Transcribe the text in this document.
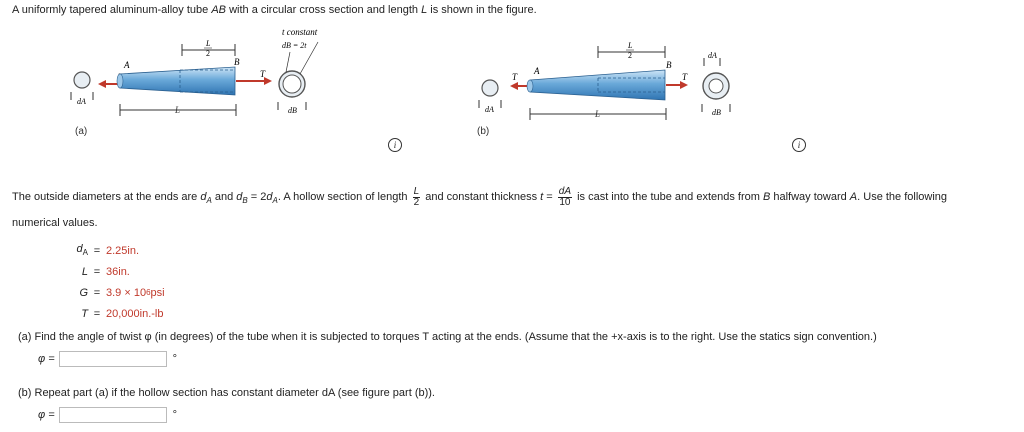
A uniformly tapered aluminum-alloy tube AB with a circular cross section and length L is shown in the figure.
dA
A	B
T
L
2
L	dB
t constant
dB = 2t
(a)
i
dA
T
A
B
T
L
2
L	dB
dA
(b)
i
The outside diameters at the ends are $d_A$ and $d_B = 2d_A$. A hollow section of length $\frac{L}{2}$ and constant thickness $t = \frac{dA}{10}$ is cast into the tube and extends from B halfway toward A. Use the following
numerical values.
$d_A = 2.25$ in.
L = 36 in.
G = 3.9 × 10 6 psi
T = 20,000 in.-lb
(a) Find the angle of twist φ (in degrees) of the tube when it is subjected to torques T acting at the ends. (Assume that the +x-axis is to the right. Use the statics sign convention.)
φ =	°
(b) Repeat part (a) if the hollow section has constant diameter dA (see figure part (b)).
φ =	°
